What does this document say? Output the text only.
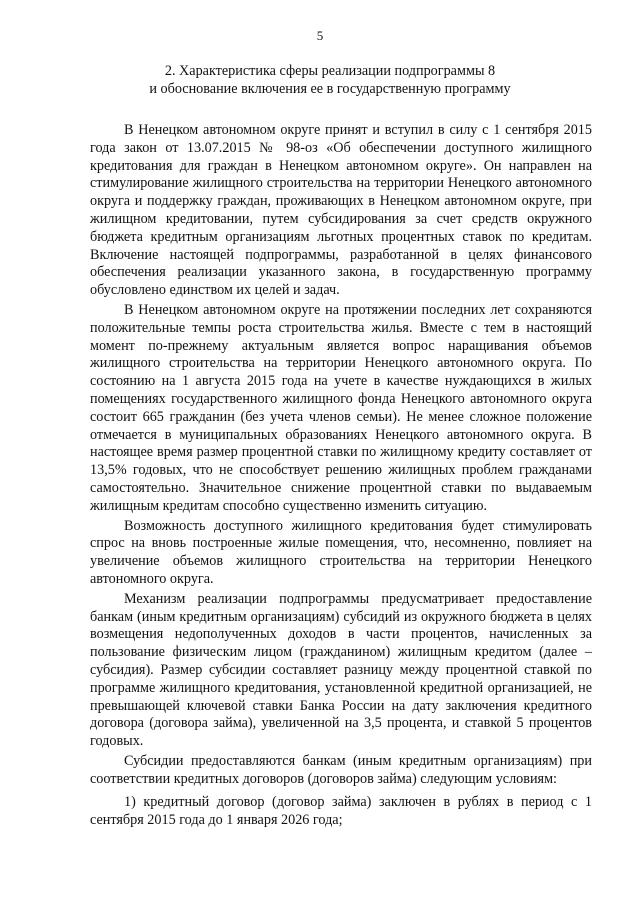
5
2. Характеристика сферы реализации подпрограммы 8
и обоснование включения ее в государственную программу

В Ненецком автономном округе принят и вступил в силу с 1 сентября 2015 года закон от 13.07.2015 № 98-оз «Об обеспечении доступного жилищного кредитования для граждан в Ненецком автономном округе». Он направлен на стимулирование жилищного строительства на территории Ненецкого автономного округа и поддержку граждан, проживающих в Ненецком автономном округе, при жилищном кредитовании, путем субсидирования за счет средств окружного бюджета кредитным организациям льготных процентных ставок по кредитам. Включение настоящей подпрограммы, разработанной в целях финансового обеспечения реализации указанного закона, в государственную программу обусловлено единством их целей и задач.

В Ненецком автономном округе на протяжении последних лет сохраняются положительные темпы роста строительства жилья. Вместе с тем в настоящий момент по-прежнему актуальным является вопрос наращивания объемов жилищного строительства на территории Ненецкого автономного округа. По состоянию на 1 августа 2015 года на учете в качестве нуждающихся в жилых помещениях государственного жилищного фонда Ненецкого автономного округа состоит 665 гражданин (без учета членов семьи). Не менее сложное положение отмечается в муниципальных образованиях Ненецкого автономного округа. В настоящее время размер процентной ставки по жилищному кредиту составляет от 13,5% годовых, что не способствует решению жилищных проблем гражданами самостоятельно. Значительное снижение процентной ставки по выдаваемым жилищным кредитам способно существенно изменить ситуацию.

Возможность доступного жилищного кредитования будет стимулировать спрос на вновь построенные жилые помещения, что, несомненно, повлияет на увеличение объемов жилищного строительства на территории Ненецкого автономного округа.

Механизм реализации подпрограммы предусматривает предоставление банкам (иным кредитным организациям) субсидий из окружного бюджета в целях возмещения недополученных доходов в части процентов, начисленных за пользование физическим лицом (гражданином) жилищным кредитом (далее – субсидия). Размер субсидии составляет разницу между процентной ставкой по программе жилищного кредитования, установленной кредитной организацией, не превышающей ключевой ставки Банка России на дату заключения кредитного договора (договора займа), увеличенной на 3,5 процента, и ставкой 5 процентов годовых.

Субсидии предоставляются банкам (иным кредитным организациям) при соответствии кредитных договоров (договоров займа) следующим условиям:

1) кредитный договор (договор займа) заключен в рублях в период с 1 сентября 2015 года до 1 января 2026 года;
